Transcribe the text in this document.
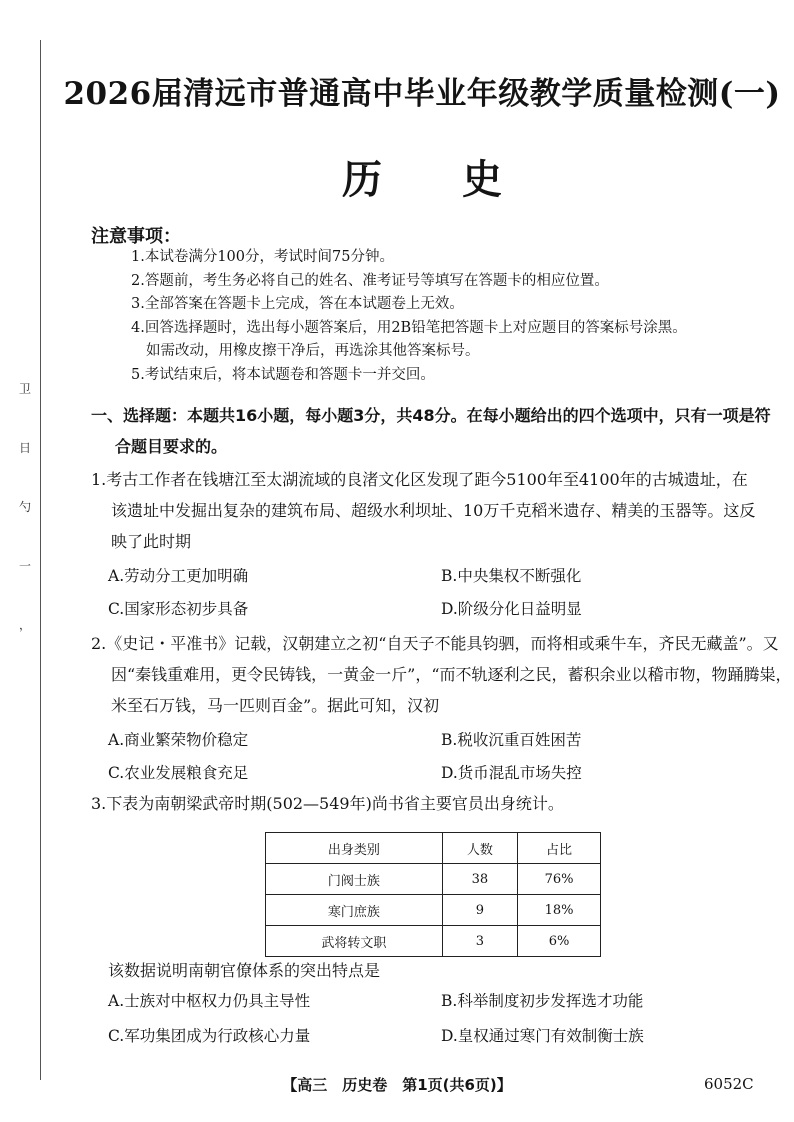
卫
日
勺
一
，
2026届清远市普通高中毕业年级教学质量检测(一)
历　　史
注意事项：
1.本试卷满分100分，考试时间75分钟。
2.答题前，考生务必将自己的姓名、准考证号等填写在答题卡的相应位置。
3.全部答案在答题卡上完成，答在本试题卷上无效。
4.回答选择题时，选出每小题答案后，用2B铅笔把答题卡上对应题目的答案标号涂黑。
如需改动，用橡皮擦干净后，再选涂其他答案标号。
5.考试结束后，将本试题卷和答题卡一并交回。
一、选择题：本题共16小题，每小题3分，共48分。在每小题给出的四个选项中，只有一项是符
合题目要求的。
1.考古工作者在钱塘江至太湖流域的良渚文化区发现了距今5100年至4100年的古城遗址，在
该遗址中发掘出复杂的建筑布局、超级水利坝址、10万千克稻米遗存、精美的玉器等。这反
映了此时期
A.劳动分工更加明确	B.中央集权不断强化
C.国家形态初步具备	D.阶级分化日益明显
2.《史记・平准书》记载，汉朝建立之初“自天子不能具钧驷，而将相或乘牛车，齐民无藏盖”。又
因“秦钱重难用，更令民铸钱，一黄金一斤”，“而不轨逐利之民，蓄积余业以稽市物，物踊腾粜，
米至石万钱，马一匹则百金”。据此可知，汉初
A.商业繁荣物价稳定	B.税收沉重百姓困苦
C.农业发展粮食充足	D.货币混乱市场失控
3.下表为南朝梁武帝时期(502—549年)尚书省主要官员出身统计。
出身类别	人数	占比
门阀士族	38	76%
寒门庶族	9	18%
武将转文职	3	6%
该数据说明南朝官僚体系的突出特点是
A.士族对中枢权力仍具主导性	B.科举制度初步发挥选才功能
C.军功集团成为行政核心力量	D.皇权通过寒门有效制衡士族
【高三　历史卷　第1页(共6页)】	6052C
